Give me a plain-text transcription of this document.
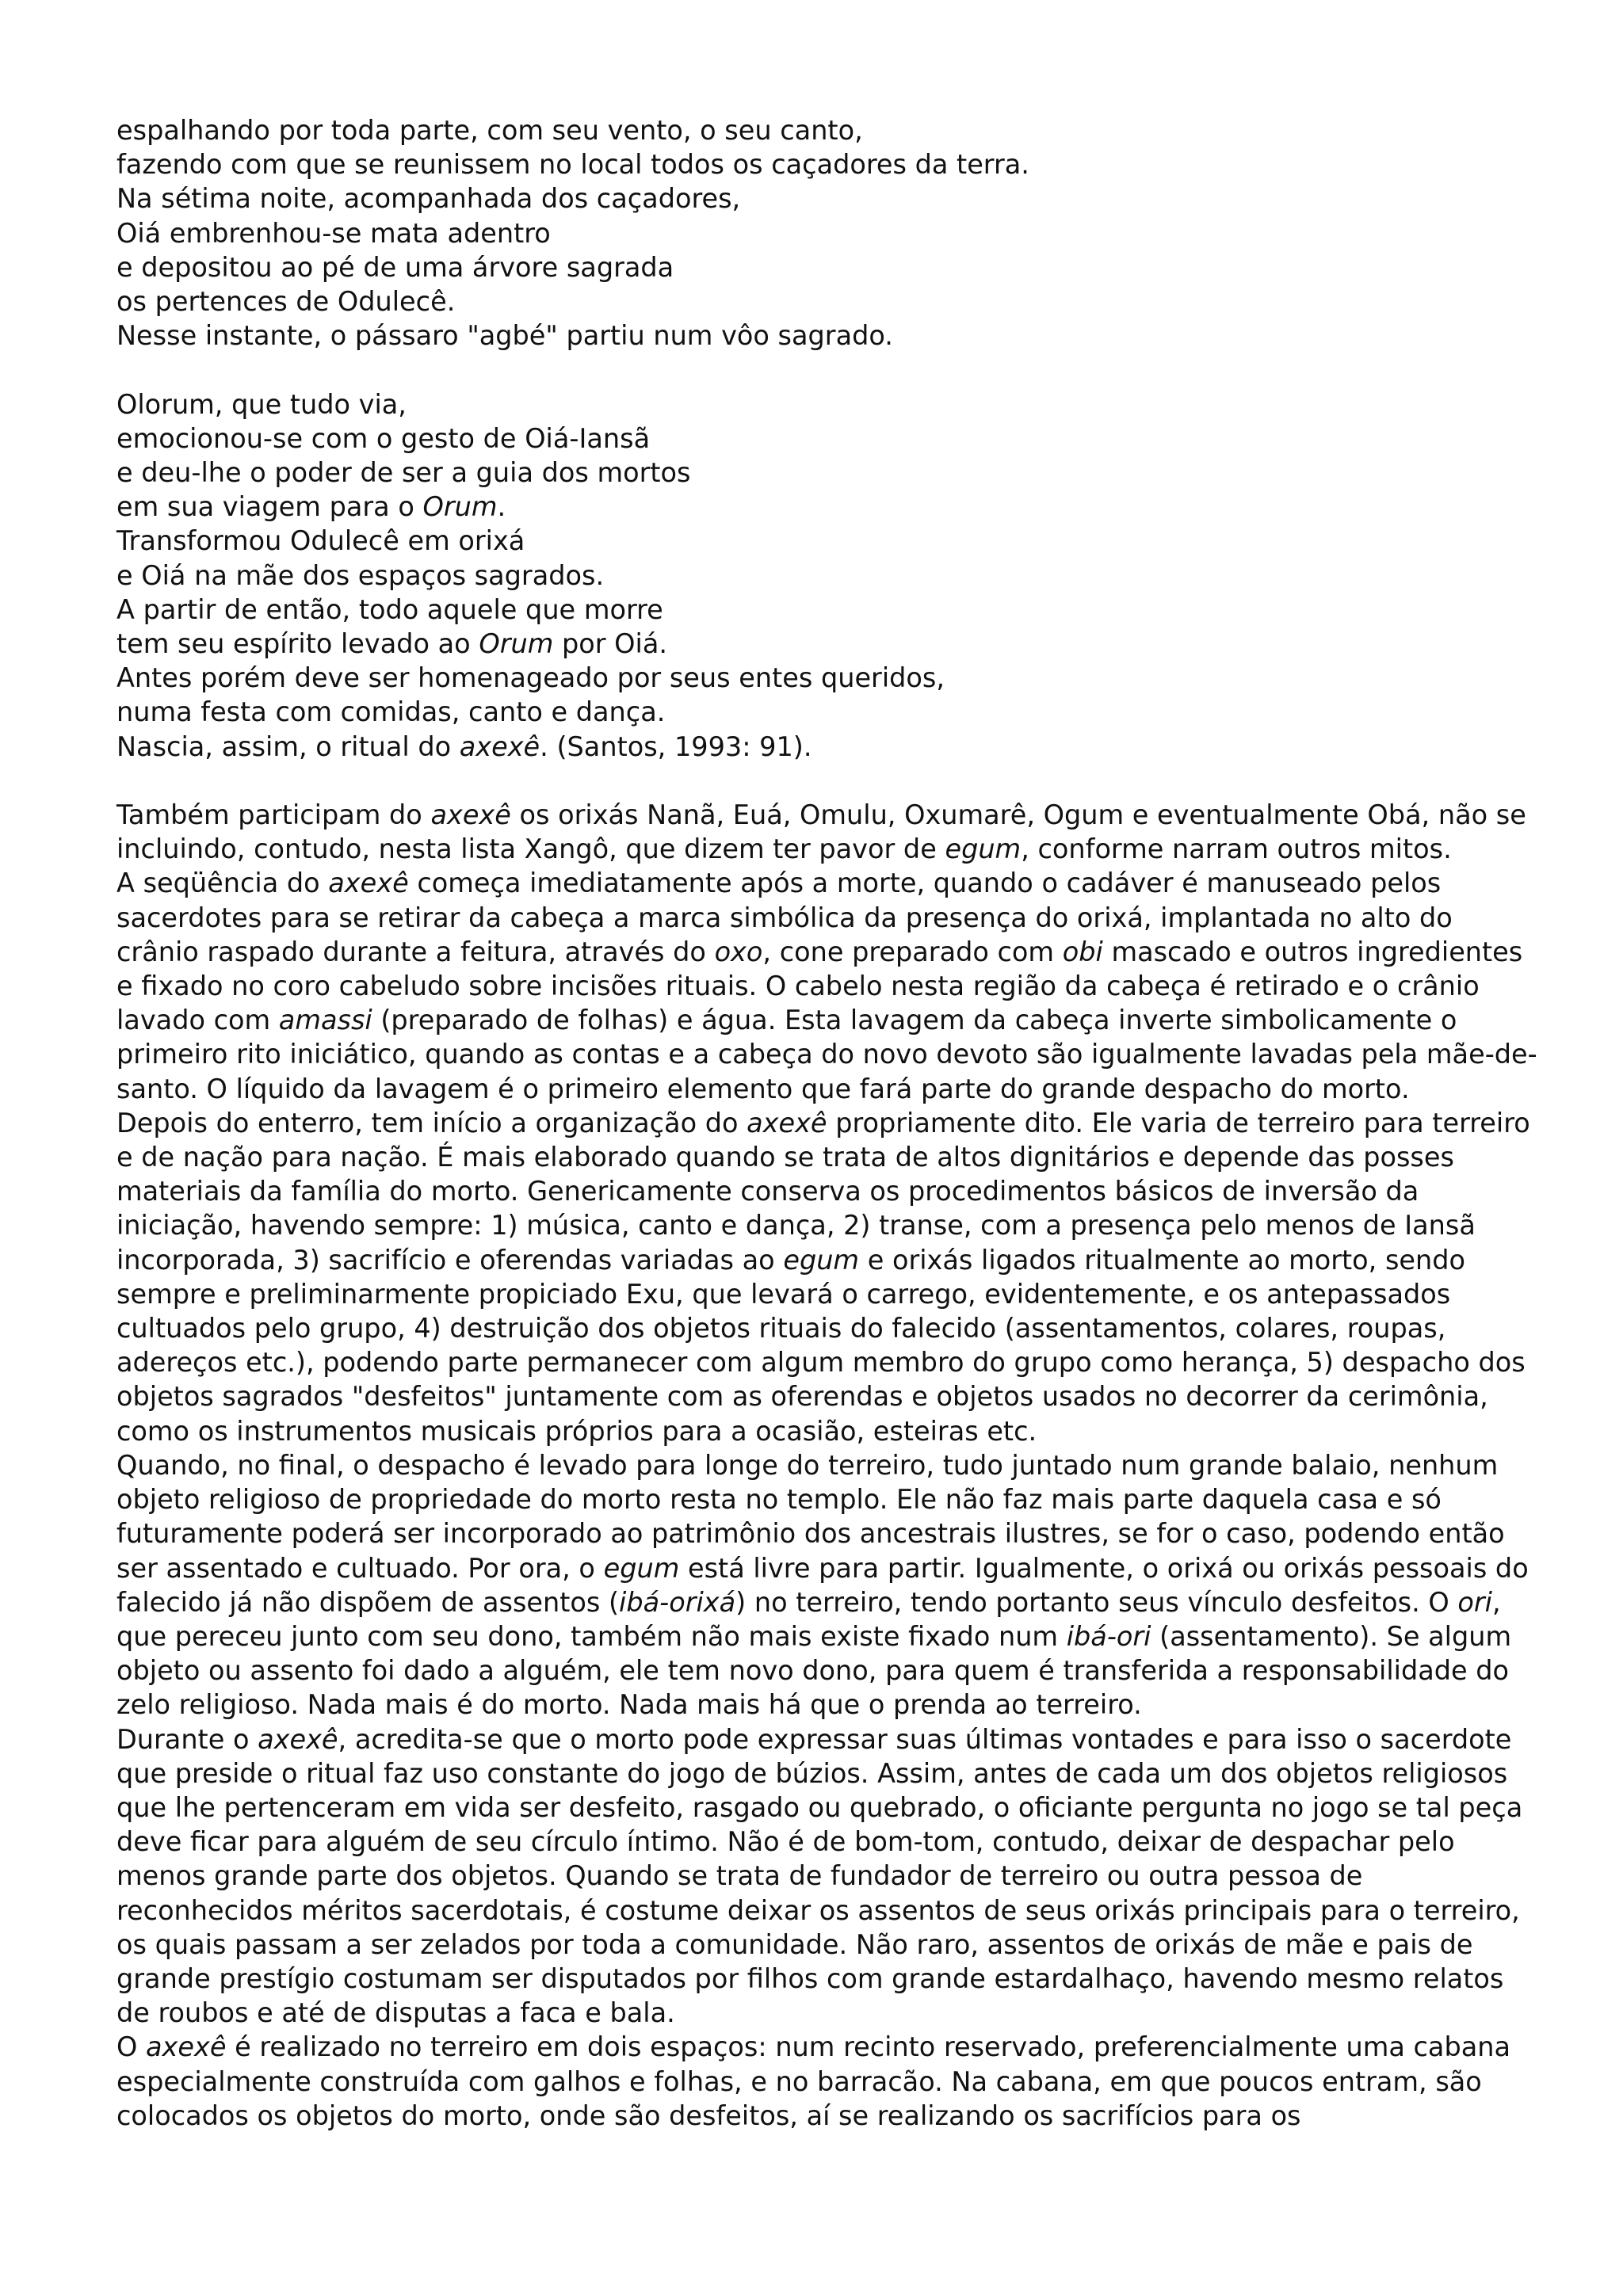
espalhando por toda parte, com seu vento, o seu canto,
fazendo com que se reunissem no local todos os caçadores da terra.
Na sétima noite, acompanhada dos caçadores,
Oiá embrenhou-se mata adentro
e depositou ao pé de uma árvore sagrada
os pertences de Odulecê.
Nesse instante, o pássaro "agbé" partiu num vôo sagrado.
Olorum, que tudo via,
emocionou-se com o gesto de Oiá-Iansã
e deu-lhe o poder de ser a guia dos mortos
em sua viagem para o Orum.
Transformou Odulecê em orixá
e Oiá na mãe dos espaços sagrados.
A partir de então, todo aquele que morre
tem seu espírito levado ao Orum por Oiá.
Antes porém deve ser homenageado por seus entes queridos,
numa festa com comidas, canto e dança.
Nascia, assim, o ritual do axexê. (Santos, 1993: 91).

Também participam do axexê os orixás Nanã, Euá, Omulu, Oxumarê, Ogum e eventualmente Obá, não se incluindo, contudo, nesta lista Xangô, que dizem ter pavor de egum, conforme narram outros mitos.

A seqüência do axexê começa imediatamente após a morte, quando o cadáver é manuseado pelos sacerdotes para se retirar da cabeça a marca simbólica da presença do orixá, implantada no alto do crânio raspado durante a feitura, através do oxo, cone preparado com obi mascado e outros ingredientes e fixado no coro cabeludo sobre incisões rituais. O cabelo nesta região da cabeça é retirado e o crânio lavado com amassi (preparado de folhas) e água. Esta lavagem da cabeça inverte simbolicamente o primeiro rito iniciático, quando as contas e a cabeça do novo devoto são igualmente lavadas pela mãe-de-santo. O líquido da lavagem é o primeiro elemento que fará parte do grande despacho do morto.

Depois do enterro, tem início a organização do axexê propriamente dito. Ele varia de terreiro para terreiro e de nação para nação. É mais elaborado quando se trata de altos dignitários e depende das posses materiais da família do morto. Genericamente conserva os procedimentos básicos de inversão da iniciação, havendo sempre: 1) música, canto e dança, 2) transe, com a presença pelo menos de Iansã incorporada, 3) sacrifício e oferendas variadas ao egum e orixás ligados ritualmente ao morto, sendo sempre e preliminarmente propiciado Exu, que levará o carrego, evidentemente, e os antepassados cultuados pelo grupo, 4) destruição dos objetos rituais do falecido (assentamentos, colares, roupas, adereços etc.), podendo parte permanecer com algum membro do grupo como herança, 5) despacho dos objetos sagrados "desfeitos" juntamente com as oferendas e objetos usados no decorrer da cerimônia, como os instrumentos musicais próprios para a ocasião, esteiras etc.

Quando, no final, o despacho é levado para longe do terreiro, tudo juntado num grande balaio, nenhum objeto religioso de propriedade do morto resta no templo. Ele não faz mais parte daquela casa e só futuramente poderá ser incorporado ao patrimônio dos ancestrais ilustres, se for o caso, podendo então ser assentado e cultuado. Por ora, o egum está livre para partir. Igualmente, o orixá ou orixás pessoais do falecido já não dispõem de assentos (ibá-orixá) no terreiro, tendo portanto seus vínculo desfeitos. O ori, que pereceu junto com seu dono, também não mais existe fixado num ibá-ori (assentamento). Se algum objeto ou assento foi dado a alguém, ele tem novo dono, para quem é transferida a responsabilidade do zelo religioso. Nada mais é do morto. Nada mais há que o prenda ao terreiro.

Durante o axexê, acredita-se que o morto pode expressar suas últimas vontades e para isso o sacerdote que preside o ritual faz uso constante do jogo de búzios. Assim, antes de cada um dos objetos religiosos que lhe pertenceram em vida ser desfeito, rasgado ou quebrado, o oficiante pergunta no jogo se tal peça deve ficar para alguém de seu círculo íntimo. Não é de bom-tom, contudo, deixar de despachar pelo menos grande parte dos objetos. Quando se trata de fundador de terreiro ou outra pessoa de reconhecidos méritos sacerdotais, é costume deixar os assentos de seus orixás principais para o terreiro, os quais passam a ser zelados por toda a comunidade. Não raro, assentos de orixás de mãe e pais de grande prestígio costumam ser disputados por filhos com grande estardalhaço, havendo mesmo relatos de roubos e até de disputas a faca e bala.

O axexê é realizado no terreiro em dois espaços: num recinto reservado, preferencialmente uma cabana especialmente construída com galhos e folhas, e no barracão. Na cabana, em que poucos entram, são colocados os objetos do morto, onde são desfeitos, aí se realizando os sacrifícios para os
